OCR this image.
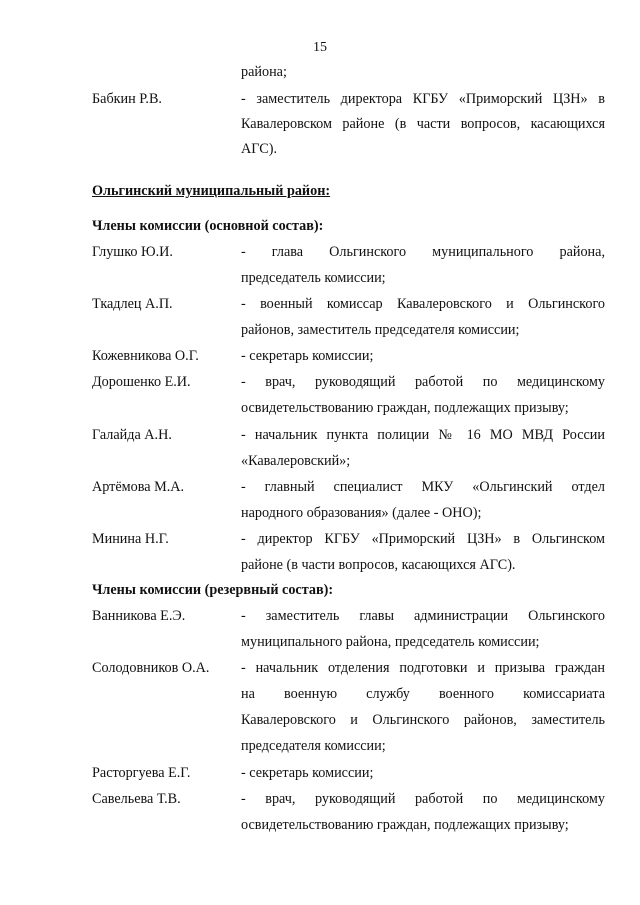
15
района;
Бабкин Р.В.	- заместитель директора КГБУ «Приморский ЦЗН» в
Кавалеровском районе (в части вопросов, касающихся
АГС).
Ольгинский муниципальный район:
Члены комиссии (основной состав):
Глушко Ю.И.	- глава Ольгинского муниципального района,
председатель комиссии;
Ткадлец А.П.	- военный комиссар Кавалеровского и Ольгинского
районов, заместитель председателя комиссии;
Кожевникова О.Г.	- секретарь комиссии;
Дорошенко Е.И.	- врач, руководящий работой по медицинскому
освидетельствованию граждан, подлежащих призыву;
Галайда А.Н.	- начальник пункта полиции № 16 МО МВД России
«Кавалеровский»;
Артёмова М.А.	- главный специалист МКУ «Ольгинский отдел
народного образования» (далее - ОНО);
Минина Н.Г.	- директор КГБУ «Приморский ЦЗН» в Ольгинском
районе (в части вопросов, касающихся АГС).
Члены комиссии (резервный состав):
Ванникова Е.Э.	- заместитель главы администрации Ольгинского
муниципального района, председатель комиссии;
Солодовников О.А. - начальник отделения подготовки и призыва граждан
на военную службу военного комиссариата
Кавалеровского и Ольгинского районов, заместитель
председателя комиссии;
Расторгуева Е.Г.	- секретарь комиссии;
Савельева Т.В.	- врач, руководящий работой по медицинскому
освидетельствованию граждан, подлежащих призыву;
